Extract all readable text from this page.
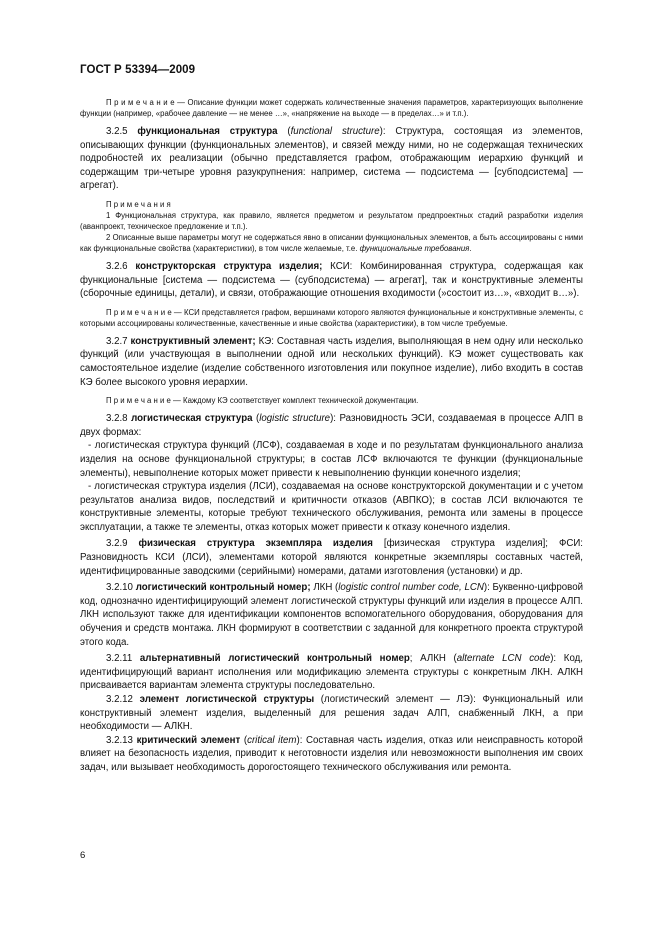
ГОСТ Р 53394—2009

П р и м е ч а н и е — Описание функции может содержать количественные значения параметров, характеризующих выполнение функции (например, «рабочее давление — не менее …», «напряжение на выходе — в пределах…» и т.п.).

3.2.5 функциональная структура (functional structure): Структура, состоящая из элементов, описывающих функции (функциональных элементов), и связей между ними, но не содержащая технических подробностей их реализации (обычно представляется графом, отображающим иерархию функций и содержащим три-четыре уровня разукрупнения: например, система — подсистема — [субподсистема] — агрегат).

П р и м е ч а н и я

1 Функциональная структура, как правило, является предметом и результатом предпроектных стадий разработки изделия (аванпроект, техническое предложение и т.п.).

2 Описанные выше параметры могут не содержаться явно в описании функциональных элементов, а быть ассоциированы с ними как функциональные свойства (характеристики), в том числе желаемые, т.е. функциональные требования.

3.2.6 конструкторская структура изделия; КСИ: Комбинированная структура, содержащая как функциональные [система — подсистема — (субподсистема) — агрегат], так и конструктивные элементы (сборочные единицы, детали), и связи, отображающие отношения входимости (»состоит из…», «входит в…»).

П р и м е ч а н и е — КСИ представляется графом, вершинами которого являются функциональные и конструктивные элементы, с которыми ассоциированы количественные, качественные и иные свойства (характеристики), в том числе требуемые.

3.2.7 конструктивный элемент; КЭ: Составная часть изделия, выполняющая в нем одну или несколько функций (или участвующая в выполнении одной или нескольких функций). КЭ может существовать как самостоятельное изделие (изделие собственного изготовления или покупное изделие), либо входить в состав КЭ более высокого уровня иерархии.

П р и м е ч а н и е — Каждому КЭ соответствует комплект технической документации.

3.2.8 логистическая структура (logistic structure): Разновидность ЭСИ, создаваемая в процессе АЛП в двух формах:

- логистическая структура функций (ЛСФ), создаваемая в ходе и по результатам функционального анализа изделия на основе функциональной структуры; в состав ЛСФ включаются те функции (функциональные элементы), невыполнение которых может привести к невыполнению функции конечного изделия;

- логистическая структура изделия (ЛСИ), создаваемая на основе конструкторской документации и с учетом результатов анализа видов, последствий и критичности отказов (АВПКО); в состав ЛСИ включаются те конструктивные элементы, которые требуют технического обслуживания, ремонта или замены в процессе эксплуатации, а также те элементы, отказ которых может привести к отказу конечного изделия.

3.2.9 физическая структура экземпляра изделия [физическая структура изделия]; ФСИ: Разновидность КСИ (ЛСИ), элементами которой являются конкретные экземпляры составных частей, идентифицированные заводскими (серийными) номерами, датами изготовления (установки) и др.

3.2.10 логистический контрольный номер; ЛКН (logistic control number code, LCN): Буквенно-цифровой код, однозначно идентифицирующий элемент логистической структуры функций или изделия в процессе АЛП. ЛКН используют также для идентификации компонентов вспомогательного оборудования, оборудования для обучения и средств монтажа. ЛКН формируют в соответствии с заданной для конкретного проекта структурой этого кода.

3.2.11 альтернативный логистический контрольный номер; АЛКН (alternate LCN code): Код, идентифицирующий вариант исполнения или модификацию элемента структуры с конкретным ЛКН. АЛКН присваивается вариантам элемента структуры последовательно.

3.2.12 элемент логистической структуры (логистический элемент — ЛЭ): Функциональный или конструктивный элемент изделия, выделенный для решения задач АЛП, снабженный ЛКН, а при необходимости — АЛКН.

3.2.13 критический элемент (critical item): Составная часть изделия, отказ или неисправность которой влияет на безопасность изделия, приводит к неготовности изделия или невозможности выполнения им своих задач, или вызывает необходимость дорогостоящего технического обслуживания или ремонта.

6
